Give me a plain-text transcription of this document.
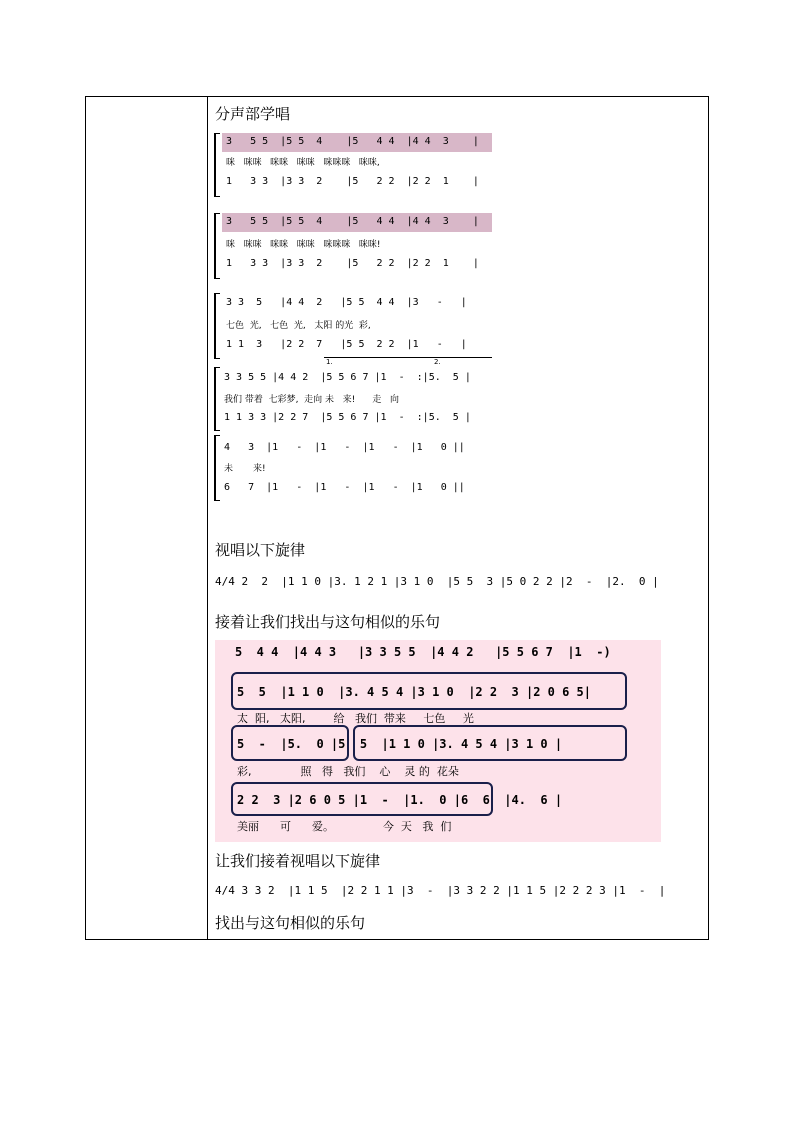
分声部学唱
3   5 5  |5 5  4    |5   4 4  |4 4  3    |
咪   咪咪   咪咪   咪咪   咪咪咪   咪咪,
1   3 3  |3 3  2    |5   2 2  |2 2  1    |
3   5 5  |5 5  4    |5   4 4  |4 4  3    |
咪   咪咪   咪咪   咪咪   咪咪咪   咪咪!
1   3 3  |3 3  2    |5   2 2  |2 2  1    |
3 3  5   |4 4  2   |5 5  4 4  |3   -   |
七色  光,   七色  光,   太阳 的光  彩,
1 1  3   |2 2  7   |5 5  2 2  |1   -   |
1.	2.
3 3 5 5 |4 4 2  |5 5 6 7 |1  -  :|5.  5 |
我们 带着  七彩梦,  走向 未   来!      走   向
1 1 3 3 |2 2 7  |5 5 6 7 |1  -  :|5.  5 |
4   3  |1   -  |1   -  |1   -  |1   0 ||
未       来!
6   7  |1   -  |1   -  |1   -  |1   0 ||
视唱以下旋律
4/4 2  2  |1 1 0 |3. 1 2 1 |3 1 0  |5 5  3 |5 0 2 2 |2  -  |2.  0 |
接着让我们找出与这句相似的乐句
5  4 4  |4 4 3   |3 3 5 5  |4 4 2   |5 5 6 7  |1  -)
5  5  |1 1 0  |3. 4 5 4 |3 1 0  |2 2  3 |2 0 6 5|
太  阳,   太阳,        给   我们  带来     七色     光
5  -  |5.  0 |5  5  |1 1 0 |3. 4 5 4 |3 1 0 |
彩,              照   得   我们    心    灵 的  花朵
2 2  3 |2 6 0 5 |1  -  |1.  0 |6  6  |4.  6 |
美丽      可      爱。              今  天   我  们
让我们接着视唱以下旋律
4/4 3 3 2  |1 1 5  |2 2 1 1 |3  -  |3 3 2 2 |1 1 5 |2 2 2 3 |1  -  |
找出与这句相似的乐句
